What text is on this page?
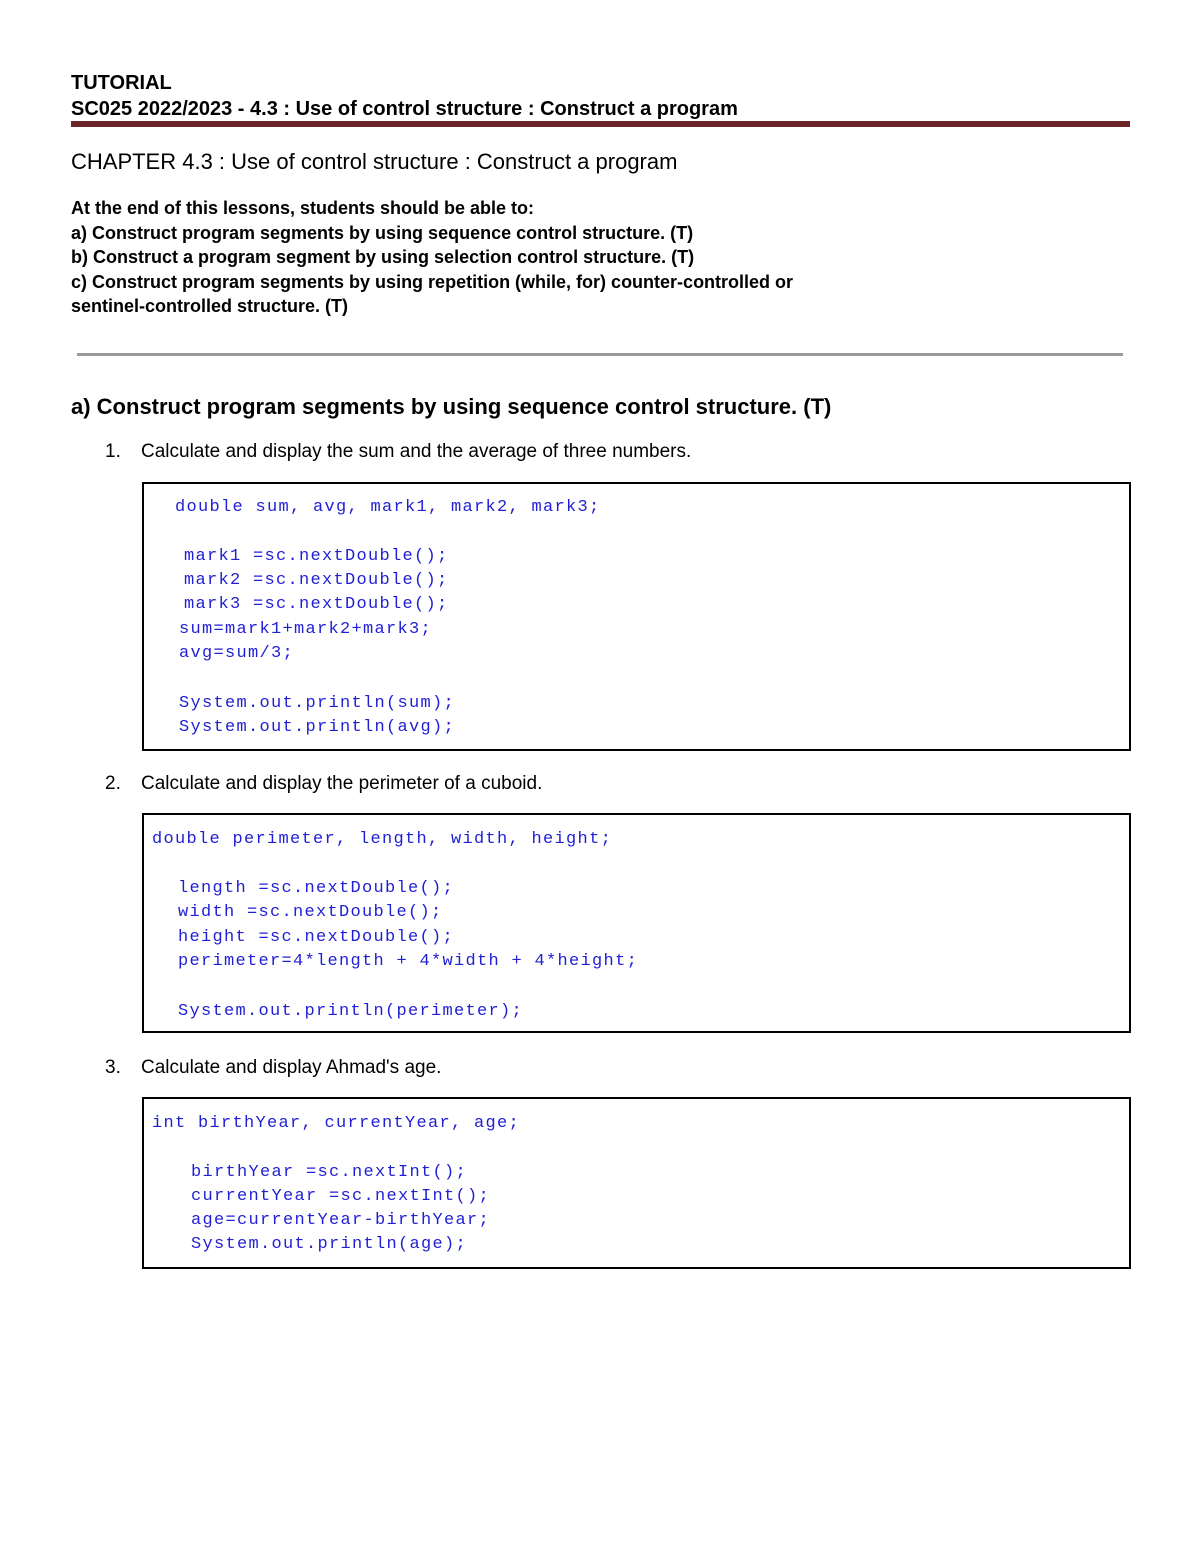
TUTORIAL
SC025 2022/2023 - 4.3 : Use of control structure : Construct a program
CHAPTER 4.3 : Use of control structure : Construct a program
At the end of this lessons, students should be able to:
a) Construct program segments by using sequence control structure. (T)
b) Construct a program segment by using selection control structure. (T)
c) Construct program segments by using repetition (while, for) counter-controlled or
sentinel-controlled structure. (T)
a) Construct program segments by using sequence control structure. (T)
1. Calculate and display the sum and the average of three numbers.
double sum, avg, mark1, mark2, mark3;
mark1 =sc.nextDouble();
mark2 =sc.nextDouble();
mark3 =sc.nextDouble();
sum=mark1+mark2+mark3;
avg=sum/3;
System.out.println(sum);
System.out.println(avg);
2. Calculate and display the perimeter of a cuboid.
double perimeter, length, width, height;
length =sc.nextDouble();
width =sc.nextDouble();
height =sc.nextDouble();
perimeter=4*length + 4*width + 4*height;
System.out.println(perimeter);
3. Calculate and display Ahmad's age.
int birthYear, currentYear, age;
birthYear =sc.nextInt();
currentYear =sc.nextInt();
age=currentYear-birthYear;
System.out.println(age);
